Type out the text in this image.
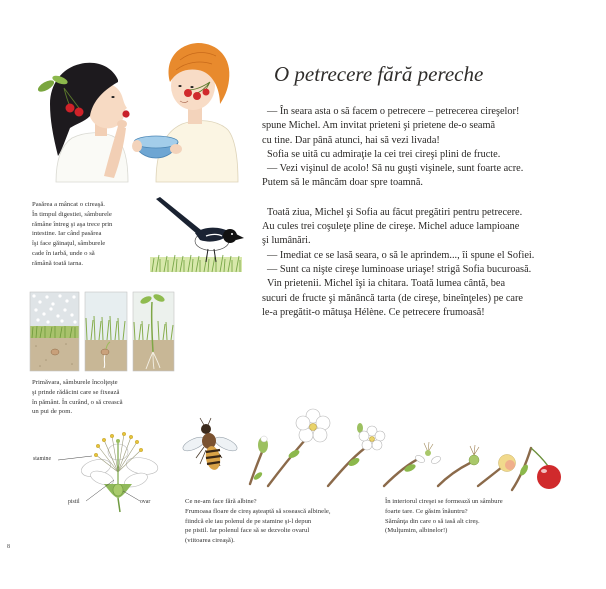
O petrecere fără pereche
— În seara asta o să facem o petrecere – petrecerea cireşelor!
spune Michel. Am invitat prieteni şi prietene de-o seamă
cu tine. Dar până atunci, hai să vezi livada!
Sofia se uită cu admiraţie la cei trei cireşi plini de fructe.
— Vezi vişinul de acolo! Să nu guşti vişinele, sunt foarte acre.
Putem să le mâncăm doar spre toamnă.
Toată ziua, Michel şi Sofia au făcut pregătiri pentru petrecere.
Au cules trei coşuleţe pline de cireşe. Michel aduce lampioane
şi lumânări.
— Imediat ce se lasă seara, o să le aprindem..., îi spune el Sofiei.
— Sunt ca nişte cireşe luminoase uriaşe! strigă Sofia bucuroasă.
Vin prietenii. Michel îşi ia chitara. Toată lumea cântă, bea
sucuri de fructe şi mănâncă tarta (de cireşe, bineînţeles) pe care
le-a pregătit-o mătuşa Hélène. Ce petrecere frumoasă!
Pasărea a mâncat o cireaşă.
În timpul digestiei, sâmburele
rămâne întreg şi aşa trece prin
intestine. Iar când pasărea
îşi face găinaţul, sâmburele
cade în iarbă, unde o să
rămână toată iarna.
Primăvara, sâmburele încolţeşte
şi prinde rădăcini care se fixează
în pământ. În curând, o să crească
un pui de pom.
Ce ne-am face fără albine?
Frumoasa floare de cireş aşteaptă să sosească albinele,
fiindcă ele iau polenul de pe stamine şi-l depun
pe pistil. Iar polenul face să se dezvolte ovarul
(viitoarea cireaşă).
În interiorul cireşei se formează un sâmbure
foarte tare. Ce găsim înăuntru?
Sămânţa din care o să iasă alt cireş.
(Mulţumim, albinelor!)
stamine
pistil	ovar
8
